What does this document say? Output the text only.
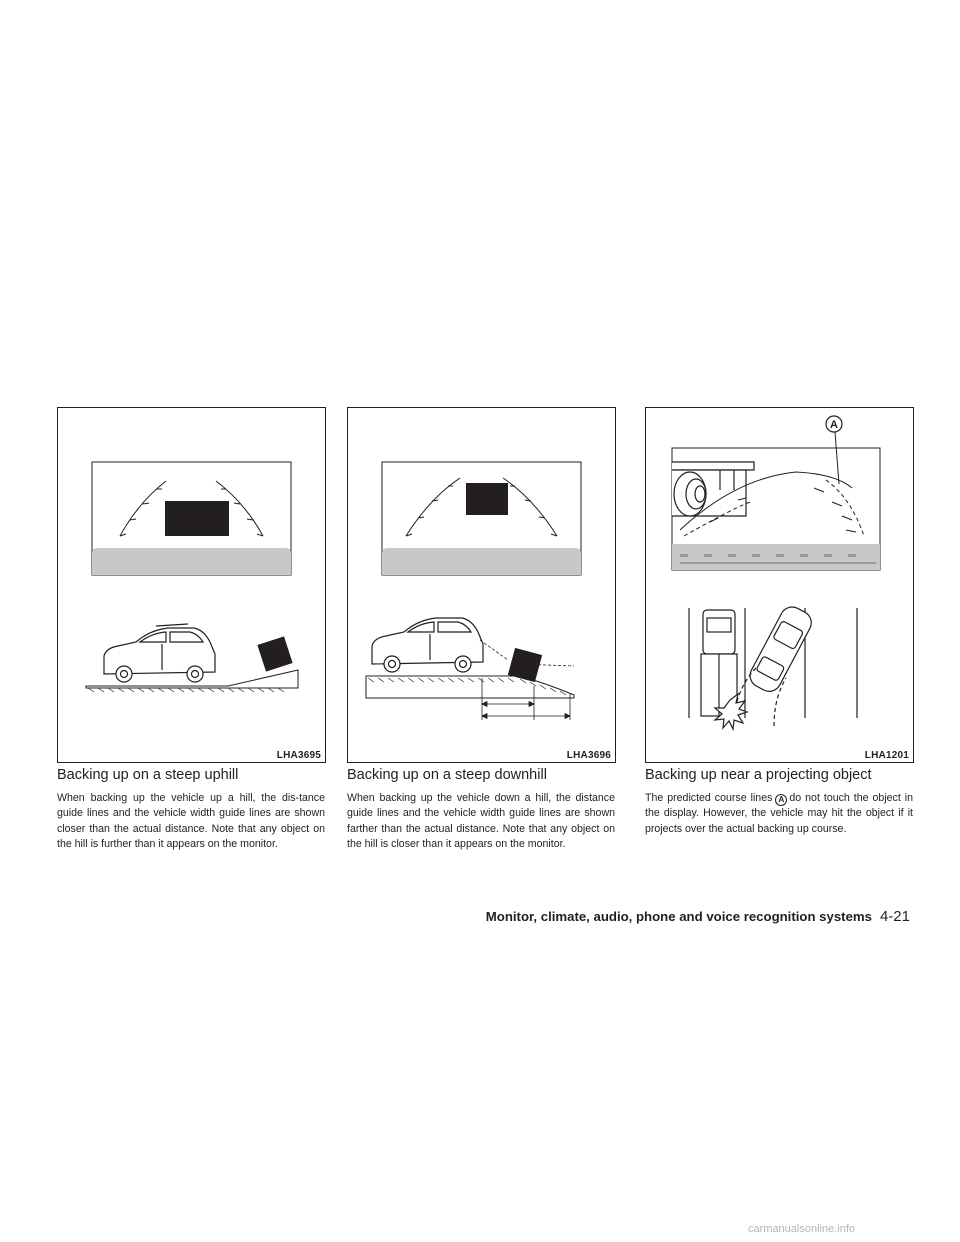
LHA3695	LHA3696
A
LHA1201
Backing up on a steep uphill

When backing up the vehicle up a hill, the dis-tance guide lines and the vehicle width guide lines are shown closer than the actual distance. Note that any object on the hill is further than it appears on the monitor.

Backing up on a steep downhill

When backing up the vehicle down a hill, the distance guide lines and the vehicle width guide lines are shown farther than the actual distance. Note that any object on the hill is closer than it appears on the monitor.

Backing up near a projecting object

The predicted course lines A do not touch the object in the display. However, the vehicle may hit the object if it projects over the actual backing up course.

Monitor, climate, audio, phone and voice recognition systems 4-21
carmanualsonline.info
